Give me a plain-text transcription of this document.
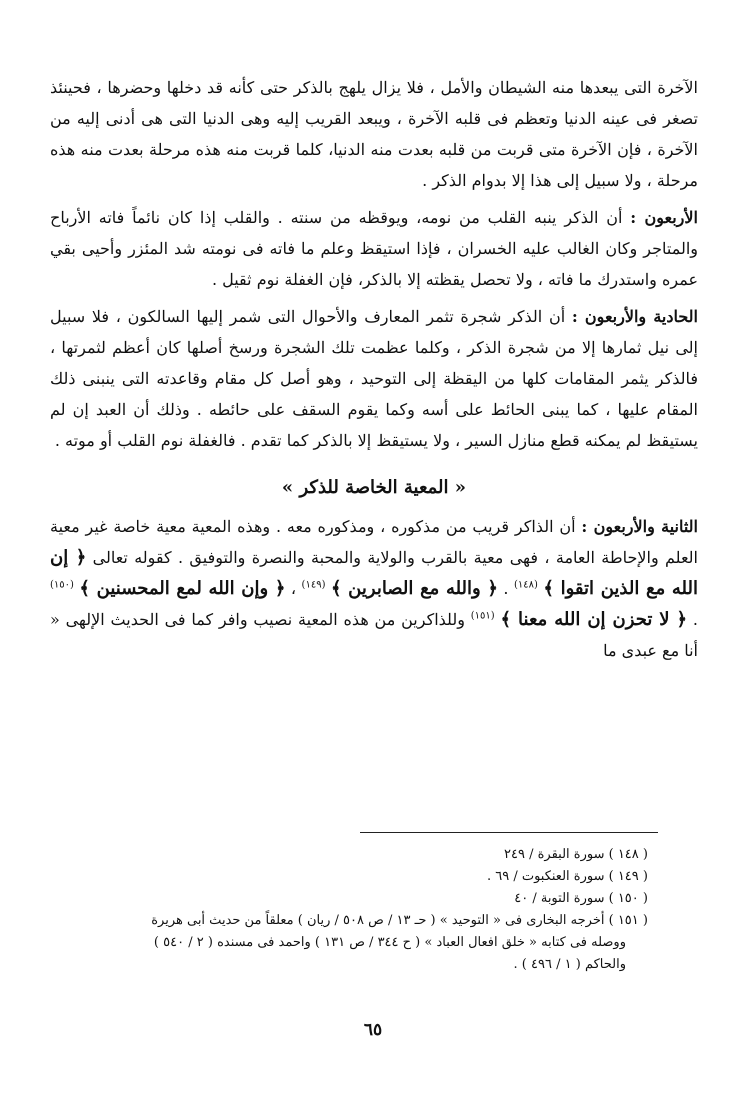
الآخرة التى يبعدها منه الشيطان والأمل ، فلا يزال يلهج بالذكر حتى كأنه قد دخلها وحضرها ، فحينئذ تصغر فى عينه الدنيا وتعظم فى قلبه الآخرة ، ويبعد القريب إليه وهى الدنيا التى هى أدنى إليه من الآخرة ، فإن الآخرة متى قربت من قلبه بعدت منه الدنيا، كلما قربت منه هذه مرحلة بعدت منه هذه مرحلة ، ولا سبيل إلى هذا إلا بدوام الذكر .

الأربعون : أن الذكر ينبه القلب من نومه، ويوقظه من سنته . والقلب إذا كان نائماً فاته الأرباح والمتاجر وكان الغالب عليه الخسران ، فإذا استيقظ وعلم ما فاته فى نومته شد المئزر وأحيى بقي عمره واستدرك ما فاته ، ولا تحصل يقظته إلا بالذكر، فإن الغفلة نوم ثقيل .

الحادية والأربعون : أن الذكر شجرة تثمر المعارف والأحوال التى شمر إليها السالكون ، فلا سبيل إلى نيل ثمارها إلا من شجرة الذكر ، وكلما عظمت تلك الشجرة ورسخ أصلها كان أعظم لثمرتها ، فالذكر يثمر المقامات كلها من اليقظة إلى التوحيد ، وهو أصل كل مقام وقاعدته التى ينبنى ذلك المقام عليها ، كما يبنى الحائط على أسه وكما يقوم السقف على حائطه . وذلك أن العبد إن لم يستيقظ لم يمكنه قطع منازل السير ، ولا يستيقظ إلا بالذكر كما تقدم . فالغفلة نوم القلب أو موته .

« المعية الخاصة للذكر »

الثانية والأربعون : أن الذاكر قريب من مذكوره ، ومذكوره معه . وهذه المعية معية خاصة غير معية العلم والإحاطة العامة ، فهى معية بالقرب والولاية والمحبة والنصرة والتوفيق . كقوله تعالى ﴿ إن الله مع الذين اتقوا ﴾ $^{(١٤٨)}$ . ﴿ والله مع الصابرين ﴾ $^{(١٤٩)}$ ، ﴿ وإن الله لمع المحسنين ﴾ $^{(١٥٠)}$ . ﴿ لا تحزن إن الله معنا ﴾ $^{(١٥١)}$ وللذاكرين من هذه المعية نصيب وافر كما فى الحديث الإلهى « أنا مع عبدى ما

( ١٤٨ ) سورة البقرة / ٢٤٩

( ١٤٩ ) سورة العنكبوت / ٦٩ .

( ١٥٠ ) سورة التوبة / ٤٠

( ١٥١ ) أخرجه البخارى فى « التوحيد » ( حـ ١٣ / ص ٥٠٨ / ريان ) معلقاً من حديث أبى هريرة

ووصله فى كتابه « خلق افعال العباد » ( ح ٣٤٤ / ص ١٣١ ) واحمد فى مسنده ( ٢ / ٥٤٠ )

والحاكم ( ١ / ٤٩٦ ) .

٦٥
